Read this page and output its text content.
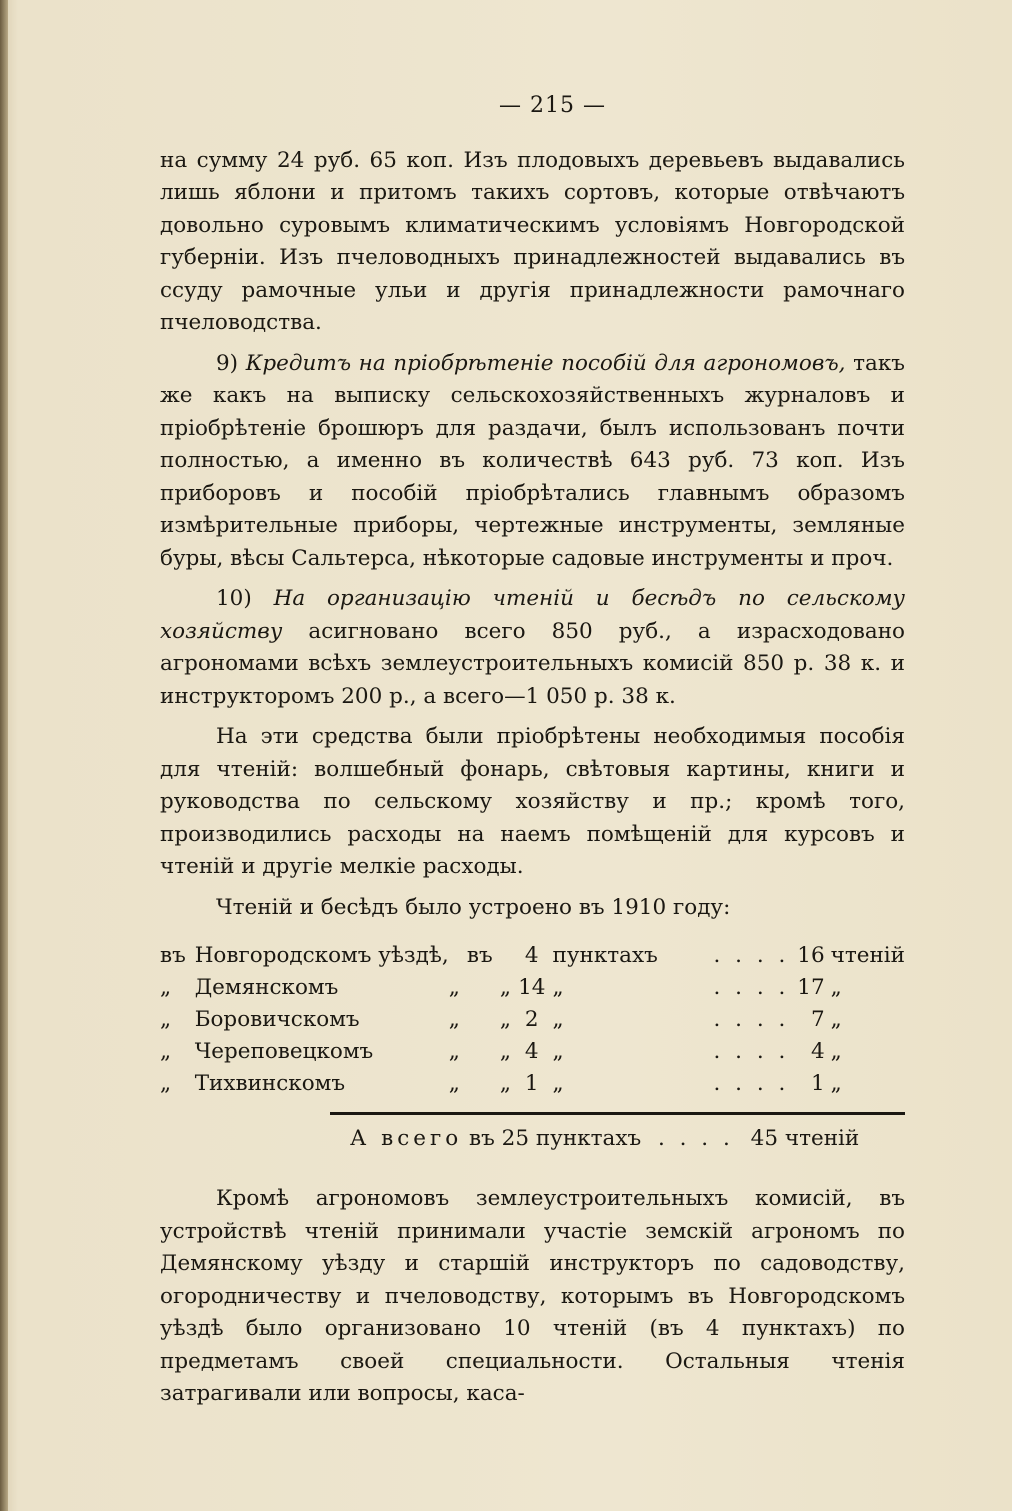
— 215 —

на сумму 24 руб. 65 коп. Изъ плодовыхъ деревьевъ выдавались лишь яблони и притомъ такихъ сортовъ, которые отвѣчаютъ довольно суровымъ климатическимъ условiямъ Новгородской губернiи. Изъ пчеловодныхъ принадлежностей выдавались въ ссуду рамочные ульи и другiя принадлежности рамочнаго пчеловодства.

9) Кредитъ на прiобрѣтенiе пособiй для агрономовъ, такъ же какъ на выписку сельскохозяйственныхъ журналовъ и прiобрѣтенiе брошюръ для раздачи, былъ использованъ почти полностью, а именно въ количествѣ 643 руб. 73 коп. Изъ приборовъ и пособiй прiобрѣтались главнымъ образомъ измѣрительные приборы, чертежные инструменты, земляные буры, вѣсы Сальтерса, нѣкоторые садовые инструменты и проч.

10) На организацiю чтенiй и бесѣдъ по сельскому хозяйству асигновано всего 850 руб., а израсходовано агрономами всѣхъ землеустроительныхъ комисiй 850 р. 38 к. и инструкторомъ 200 р., а всего—1 050 р. 38 к.

На эти средства были прiобрѣтены необходимыя пособiя для чтенiй: волшебный фонарь, свѣтовыя картины, книги и руководства по сельскому хозяйству и пр.; кромѣ того, производились расходы на наемъ помѣщенiй для курсовъ и чтенiй и другiе мелкiе расходы.

Чтенiй и бесѣдъ было устроено въ 1910 году:

въ	Новгородскомъ уѣздѣ,	въ	4	пунктахъ	. . . .	16	чтенiй
„	Демянскомъ	„ „	14	„	. . . .	17	„
„	Боровичскомъ	„ „	2	„	. . . .	7	„
„	Череповецкомъ	„ „	4	„	. . . .	4	„
„	Тихвинскомъ	„ „	1	„	. . . .	1	„
А всего въ 25 пунктахъ . . . . 45 чтенiй

Кромѣ агрономовъ землеустроительныхъ комисiй, въ устройствѣ чтенiй принимали участiе земскiй агрономъ по Демянскому уѣзду и старшiй инструкторъ по садоводству, огородничеству и пчеловодству, которымъ въ Новгородскомъ уѣздѣ было организовано 10 чтенiй (въ 4 пунктахъ) по предметамъ своей специальности. Остальныя чтенiя затрагивали или вопросы, каса-
